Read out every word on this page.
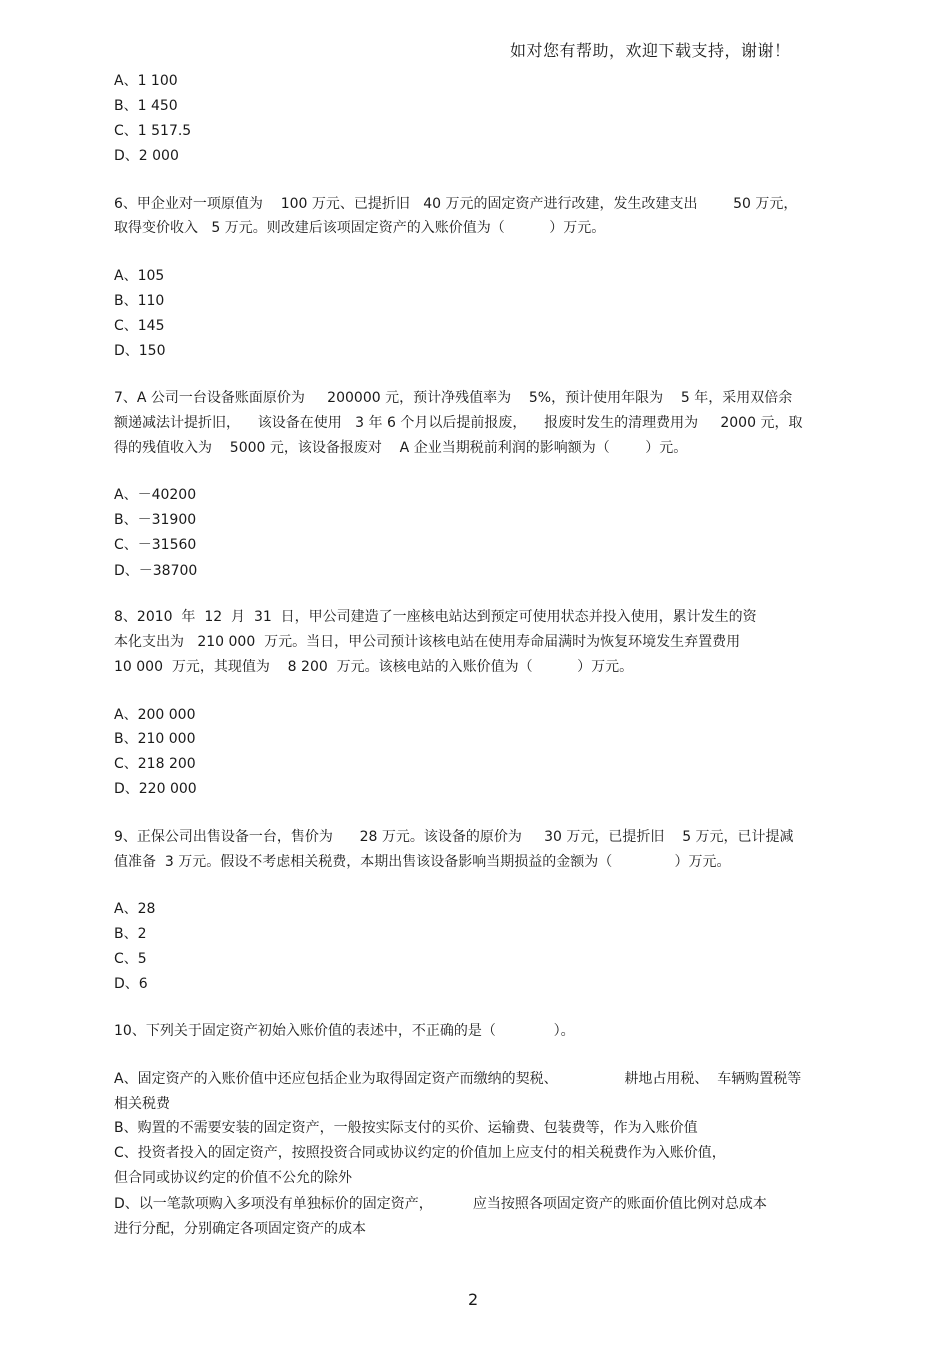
如对您有帮助，欢迎下载支持，谢谢！
A、1 100
B、1 450
C、1 517.5
D、2 000
6、甲企业对一项原值为    100 万元、已提折旧   40 万元的固定资产进行改建，发生改建支出        50 万元，
取得变价收入   5 万元。则改建后该项固定资产的入账价值为（          ）万元。
A、105
B、110
C、145
D、150
7、A 公司一台设备账面原价为     200000 元，预计净残值率为    5%，预计使用年限为    5 年，采用双倍余
额递减法计提折旧，    该设备在使用   3 年 6 个月以后提前报废，    报废时发生的清理费用为     2000 元，取
得的残值收入为    5000 元，该设备报废对    A 企业当期税前利润的影响额为（        ）元。
A、－40200
B、－31900
C、－31560
D、－38700
8、2010  年  12  月  31  日，甲公司建造了一座核电站达到预定可使用状态并投入使用，累计发生的资
本化支出为   210 000  万元。当日，甲公司预计该核电站在使用寿命届满时为恢复环境发生弃置费用
10 000  万元，其现值为    8 200  万元。该核电站的入账价值为（          ）万元。
A、200 000
B、210 000
C、218 200
D、220 000
9、正保公司出售设备一台，售价为      28 万元。该设备的原价为     30 万元，已提折旧    5 万元，已计提减
值准备  3 万元。假设不考虑相关税费，本期出售该设备影响当期损益的金额为（              ）万元。
A、28
B、2
C、5
D、6
10、下列关于固定资产初始入账价值的表述中，不正确的是（             ）。
A、固定资产的入账价值中还应包括企业为取得固定资产而缴纳的契税、               耕地占用税、  车辆购置税等
相关税费
B、购置的不需要安装的固定资产，一般按实际支付的买价、运输费、包装费等，作为入账价值
C、投资者投入的固定资产，按照投资合同或协议约定的价值加上应支付的相关税费作为入账价值，
但合同或协议约定的价值不公允的除外
D、以一笔款项购入多项没有单独标价的固定资产，         应当按照各项固定资产的账面价值比例对总成本
进行分配，分别确定各项固定资产的成本
2
